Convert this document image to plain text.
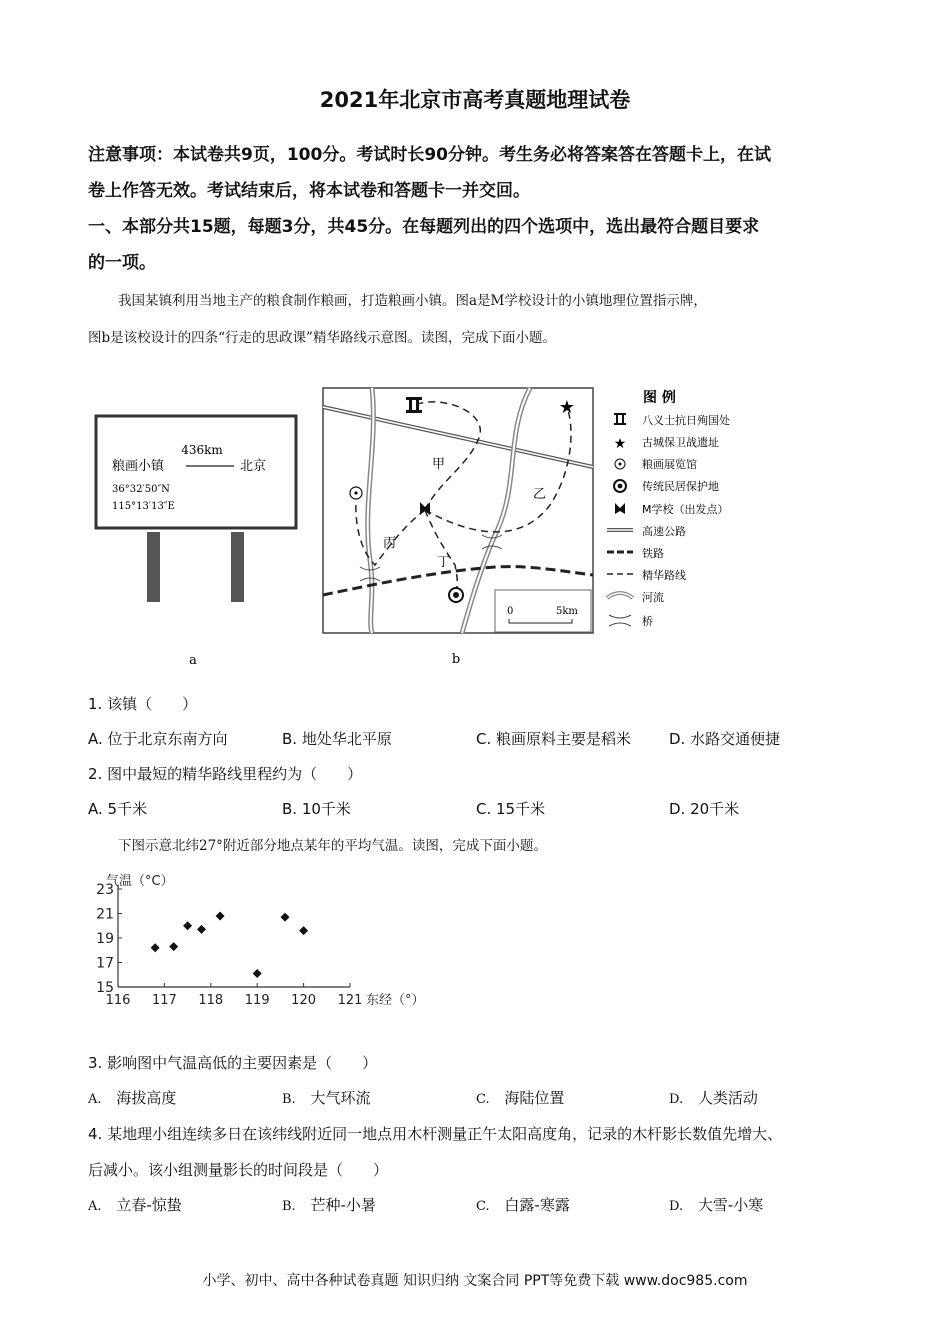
2021年北京市高考真题地理试卷
注意事项：本试卷共9页，100分。考试时长90分钟。考生务必将答案答在答题卡上，在试
卷上作答无效。考试结束后，将本试卷和答题卡一并交回。
一、本部分共15题，每题3分，共45分。在每题列出的四个选项中，选出最符合题目要求
的一项。
我国某镇利用当地主产的粮食制作粮画，打造粮画小镇。图a是M学校设计的小镇地理位置指示牌，
图b是该校设计的四条“行走的思政课”精华路线示意图。读图，完成下面小题。
436km
粮画小镇	北京
36°32′50″N
115°13′13″E
a
★
甲
乙
丙
丁
0	5km
图 例
★
八义士抗日殉国处
古城保卫战遗址
粮画展览馆
传统民居保护地
M学校（出发点）
高速公路
铁路
精华路线
河流
桥
b
1. 该镇（　　）
A. 位于北京东南方向	B. 地处华北平原	C. 粮画原料主要是稻米	D. 水路交通便捷
2. 图中最短的精华路线里程约为（　　）
A. 5千米	B. 10千米	C. 15千米	D. 20千米
下图示意北纬27°附近部分地点某年的平均气温。读图，完成下面小题。
15
17
19
21
23
116 117 118 119 120 121
气温（°C）
东经（°）
3. 影响图中气温高低的主要因素是（　　）
A. 海拔高度	B. 大气环流	C. 海陆位置	D. 人类活动
4. 某地理小组连续多日在该纬线附近同一地点用木杆测量正午太阳高度角，记录的木杆影长数值先增大、
后减小。该小组测量影长的时间段是（　　）
A. 立春-惊蛰	B. 芒种-小暑	C. 白露-寒露	D. 大雪-小寒
小学、初中、高中各种试卷真题 知识归纳 文案合同 PPT等免费下载 www.doc985.com
